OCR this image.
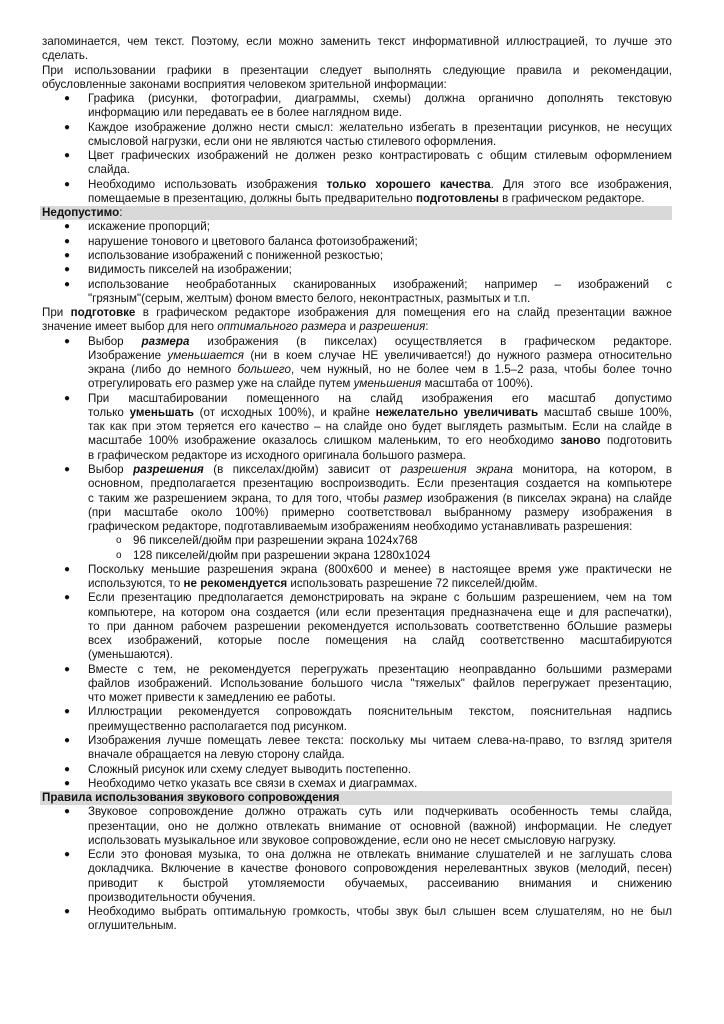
запоминается, чем текст. Поэтому, если можно заменить текст информативной иллюстрацией, то лучше это
сделать.
При использовании графики в презентации следует выполнять следующие правила и рекомендации,
обусловленные законами восприятия человеком зрительной информации:
● Графика (рисунки, фотографии, диаграммы, схемы) должна органично дополнять текстовую
информацию или передавать ее в более наглядном виде.
● Каждое изображение должно нести смысл: желательно избегать в презентации рисунков, не несущих
смысловой нагрузки, если они не являются частью стилевого оформления.
● Цвет графических изображений не должен резко контрастировать с общим стилевым оформлением
слайда.
● Необходимо использовать изображения только хорошего качества. Для этого все изображения,
помещаемые в презентацию, должны быть предварительно подготовлены в графическом редакторе.
Недопустимо:
● искажение пропорций;
● нарушение тонового и цветового баланса фотоизображений;
● использование изображений с пониженной резкостью;
● видимость пикселей на изображении;
● использование необработанных сканированных изображений; например – изображений с
"грязным"(серым, желтым) фоном вместо белого, неконтрастных, размытых и т.п.
При подготовке в графическом редакторе изображения для помещения его на слайд презентации важное
значение имеет выбор для него оптимального размера и разрешения:
● Выбор размера изображения (в пикселах) осуществляется в графическом редакторе.
Изображение уменьшается (ни в коем случае НЕ увеличивается!) до нужного размера относительно
экрана (либо до немного большего, чем нужный, но не более чем в 1.5–2 раза, чтобы более точно
отрегулировать его размер уже на слайде путем уменьшения масштаба от 100%).
● При масштабировании помещенного на слайд изображения его масштаб допустимо
только уменьшать (от исходных 100%), и крайне нежелательно увеличивать масштаб свыше 100%,
так как при этом теряется его качество – на слайде оно будет выглядеть размытым. Если на слайде в
масштабе 100% изображение оказалось слишком маленьким, то его необходимо заново подготовить
в графическом редакторе из исходного оригинала большого размера.
● Выбор разрешения (в пикселах/дюйм) зависит от разрешения экрана монитора, на котором, в
основном, предполагается презентацию воспроизводить. Если презентация создается на компьютере
с таким же разрешением экрана, то для того, чтобы размер изображения (в пикселах экрана) на слайде
(при масштабе около 100%) примерно соответствовал выбранному размеру изображения в
графическом редакторе, подготавливаемым изображениям необходимо устанавливать разрешения:
o 96 пикселей/дюйм при разрешении экрана 1024x768
o 128 пикселей/дюйм при разрешении экрана 1280x1024
● Поскольку меньшие разрешения экрана (800x600 и менее) в настоящее время уже практически не
используются, то не рекомендуется использовать разрешение 72 пикселей/дюйм.
● Если презентацию предполагается демонстрировать на экране с большим разрешением, чем на том
компьютере, на котором она создается (или если презентация предназначена еще и для распечатки),
то при данном рабочем разрешении рекомендуется использовать соответственно бОльшие размеры
всех изображений, которые после помещения на слайд соответственно масштабируются
(уменьшаются).
● Вместе с тем, не рекомендуется перегружать презентацию неоправданно большими размерами
файлов изображений. Использование большого числа "тяжелых" файлов перегружает презентацию,
что может привести к замедлению ее работы.
● Иллюстрации рекомендуется сопровождать пояснительным текстом, пояснительная надпись
преимущественно располагается под рисунком.
● Изображения лучше помещать левее текста: поскольку мы читаем слева-на-право, то взгляд зрителя
вначале обращается на левую сторону слайда.
● Сложный рисунок или схему следует выводить постепенно.
● Необходимо четко указать все связи в схемах и диаграммах.
Правила использования звукового сопровождения
● Звуковое сопровождение должно отражать суть или подчеркивать особенность темы слайда,
презентации, оно не должно отвлекать внимание от основной (важной) информации. Не следует
использовать музыкальное или звуковое сопровождение, если оно не несет смысловую нагрузку.
● Если это фоновая музыка, то она должна не отвлекать внимание слушателей и не заглушать слова
докладчика. Включение в качестве фонового сопровождения нерелевантных звуков (мелодий, песен)
приводит к быстрой утомляемости обучаемых, рассеиванию внимания и снижению
производительности обучения.
● Необходимо выбрать оптимальную громкость, чтобы звук был слышен всем слушателям, но не был
оглушительным.
